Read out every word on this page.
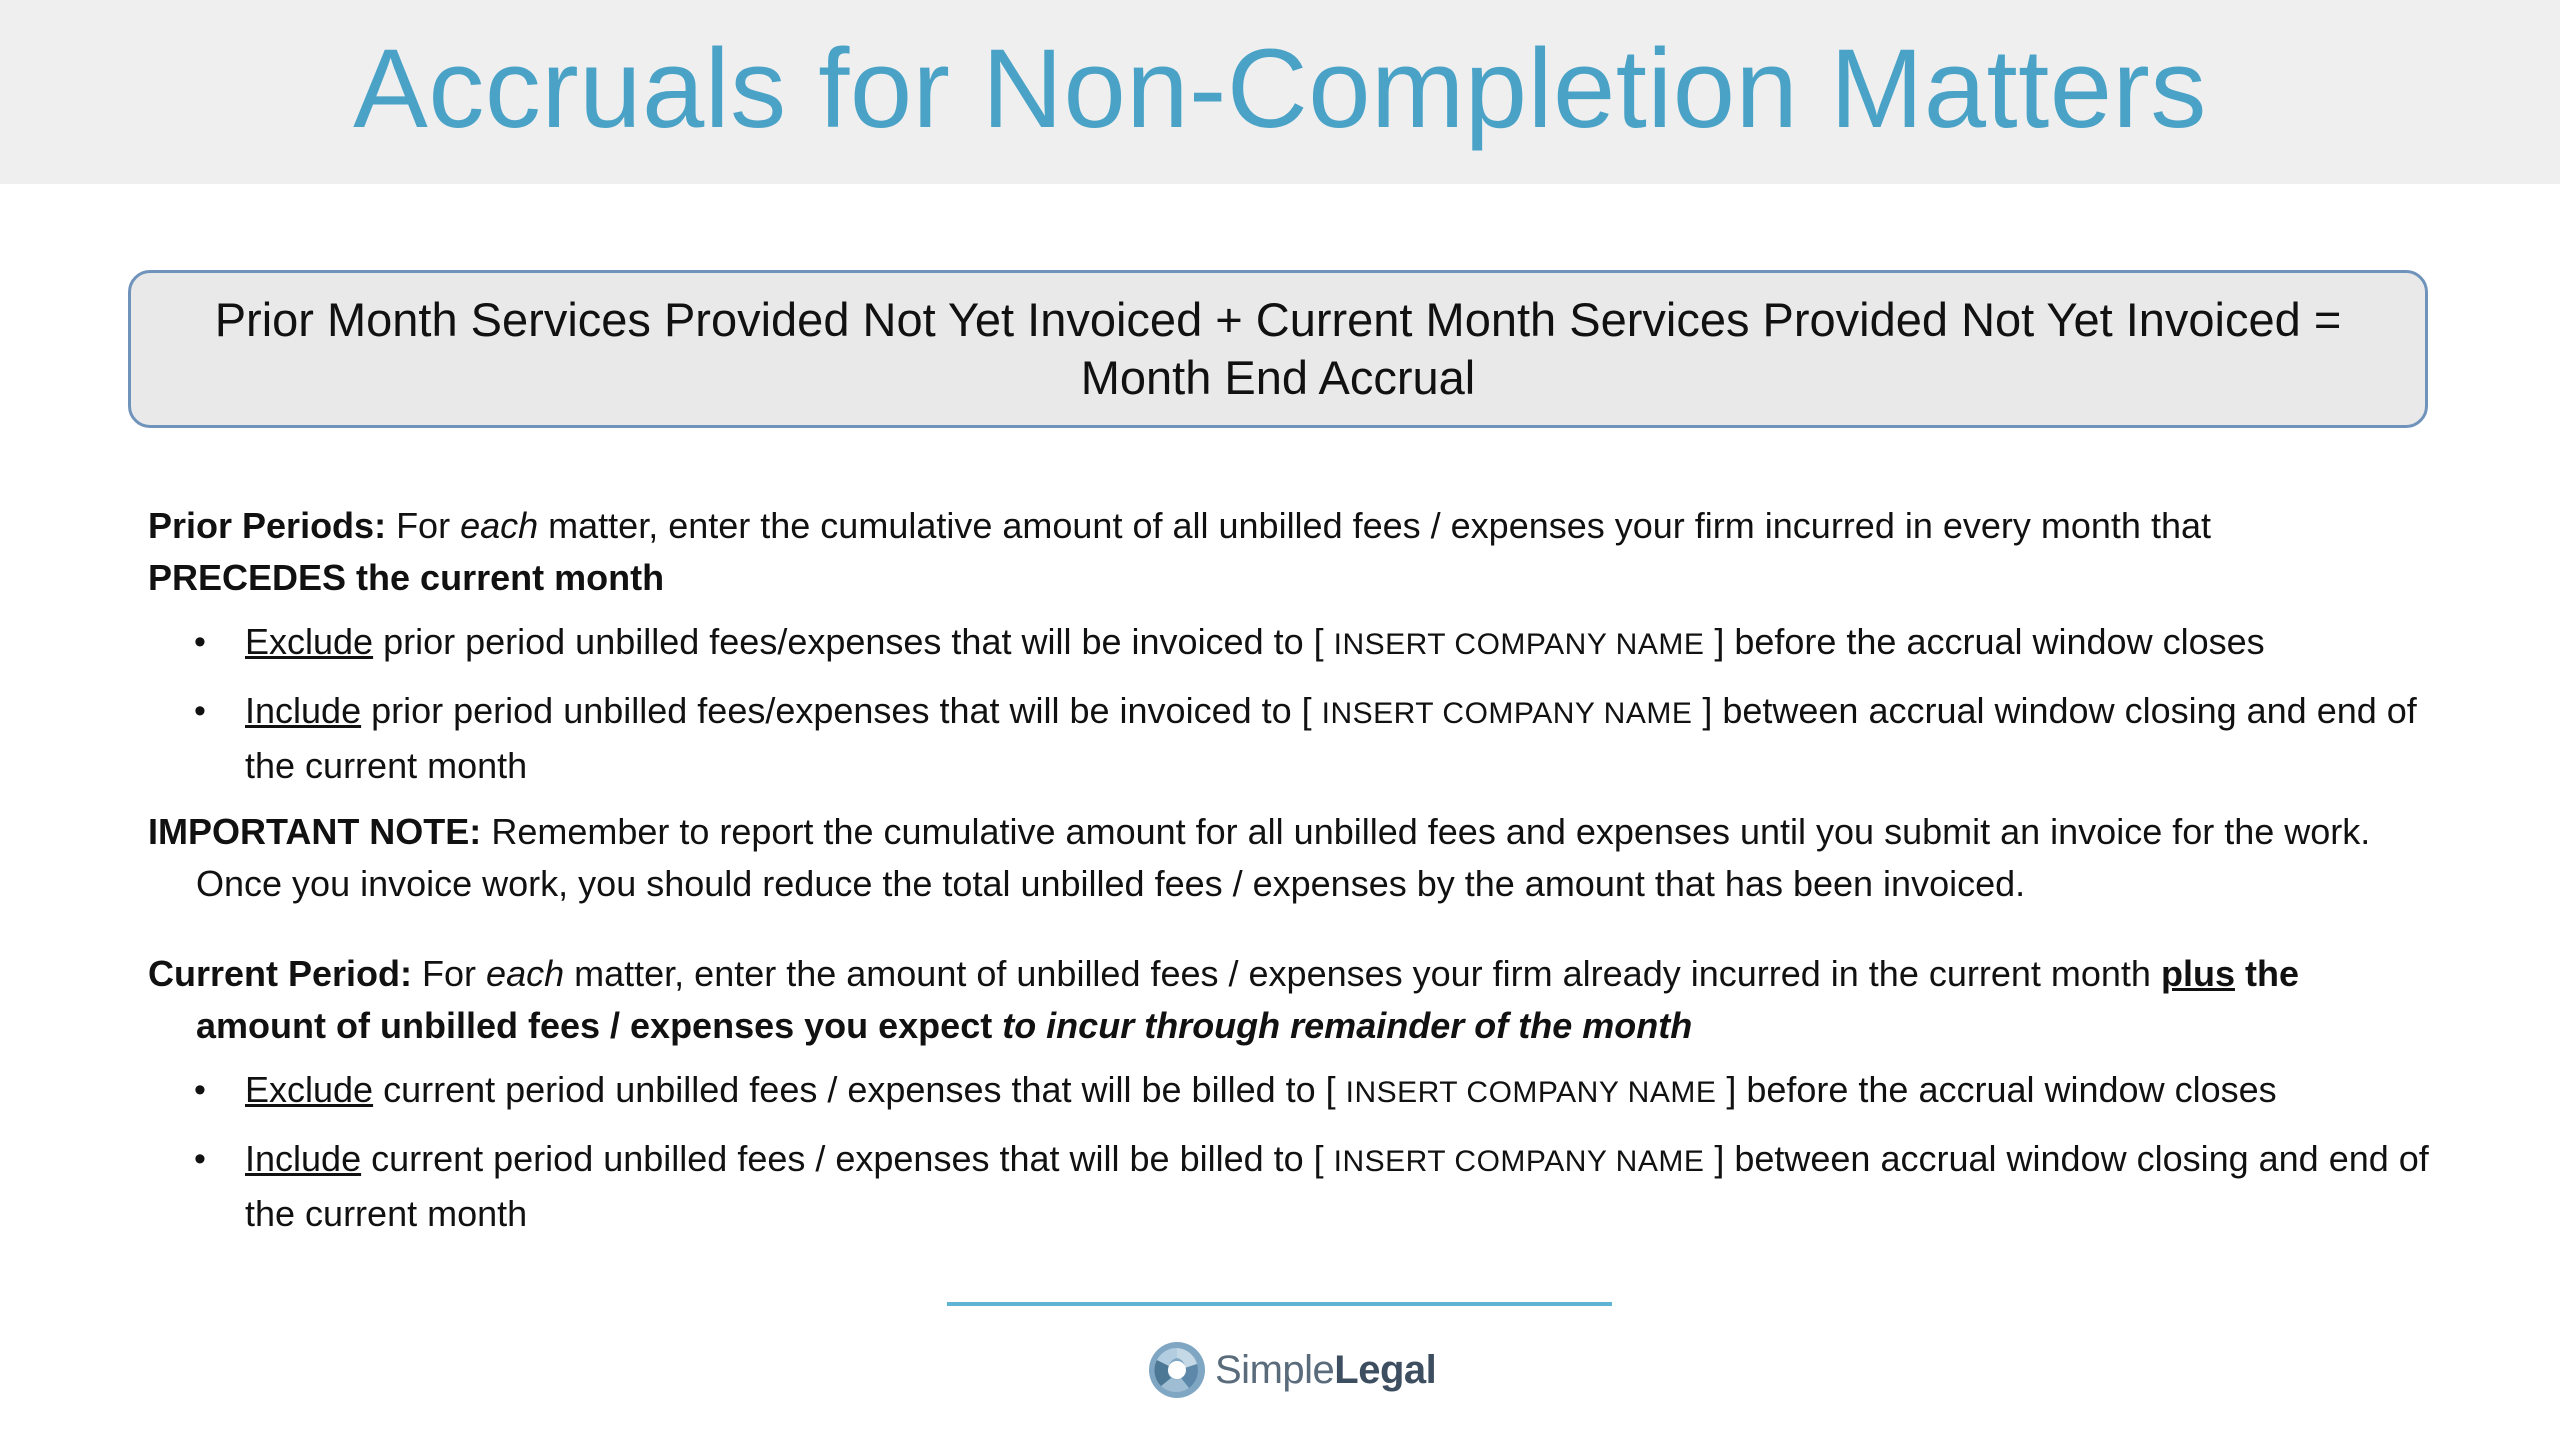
Accruals for Non-Completion Matters
Prior Month Services Provided Not Yet Invoiced + Current Month Services Provided Not Yet Invoiced =
Month End Accrual

Prior Periods: For each matter, enter the cumulative amount of all unbilled fees / expenses your firm incurred in every month that
PRECEDES the current month

• Exclude prior period unbilled fees/expenses that will be invoiced to [ INSERT COMPANY NAME ] before the accrual window closes
• Include prior period unbilled fees/expenses that will be invoiced to [ INSERT COMPANY NAME ] between accrual window closing and end of the current month

IMPORTANT NOTE: Remember to report the cumulative amount for all unbilled fees and expenses until you submit an invoice for the work.
Once you invoice work, you should reduce the total unbilled fees / expenses by the amount that has been invoiced.

Current Period: For each matter, enter the amount of unbilled fees / expenses your firm already incurred in the current month plus the
amount of unbilled fees / expenses you expect to incur through remainder of the month

• Exclude current period unbilled fees / expenses that will be billed to [ INSERT COMPANY NAME ] before the accrual window closes
• Include current period unbilled fees / expenses that will be billed to [ INSERT COMPANY NAME ] between accrual window closing and end of the current month
SimpleLegal
